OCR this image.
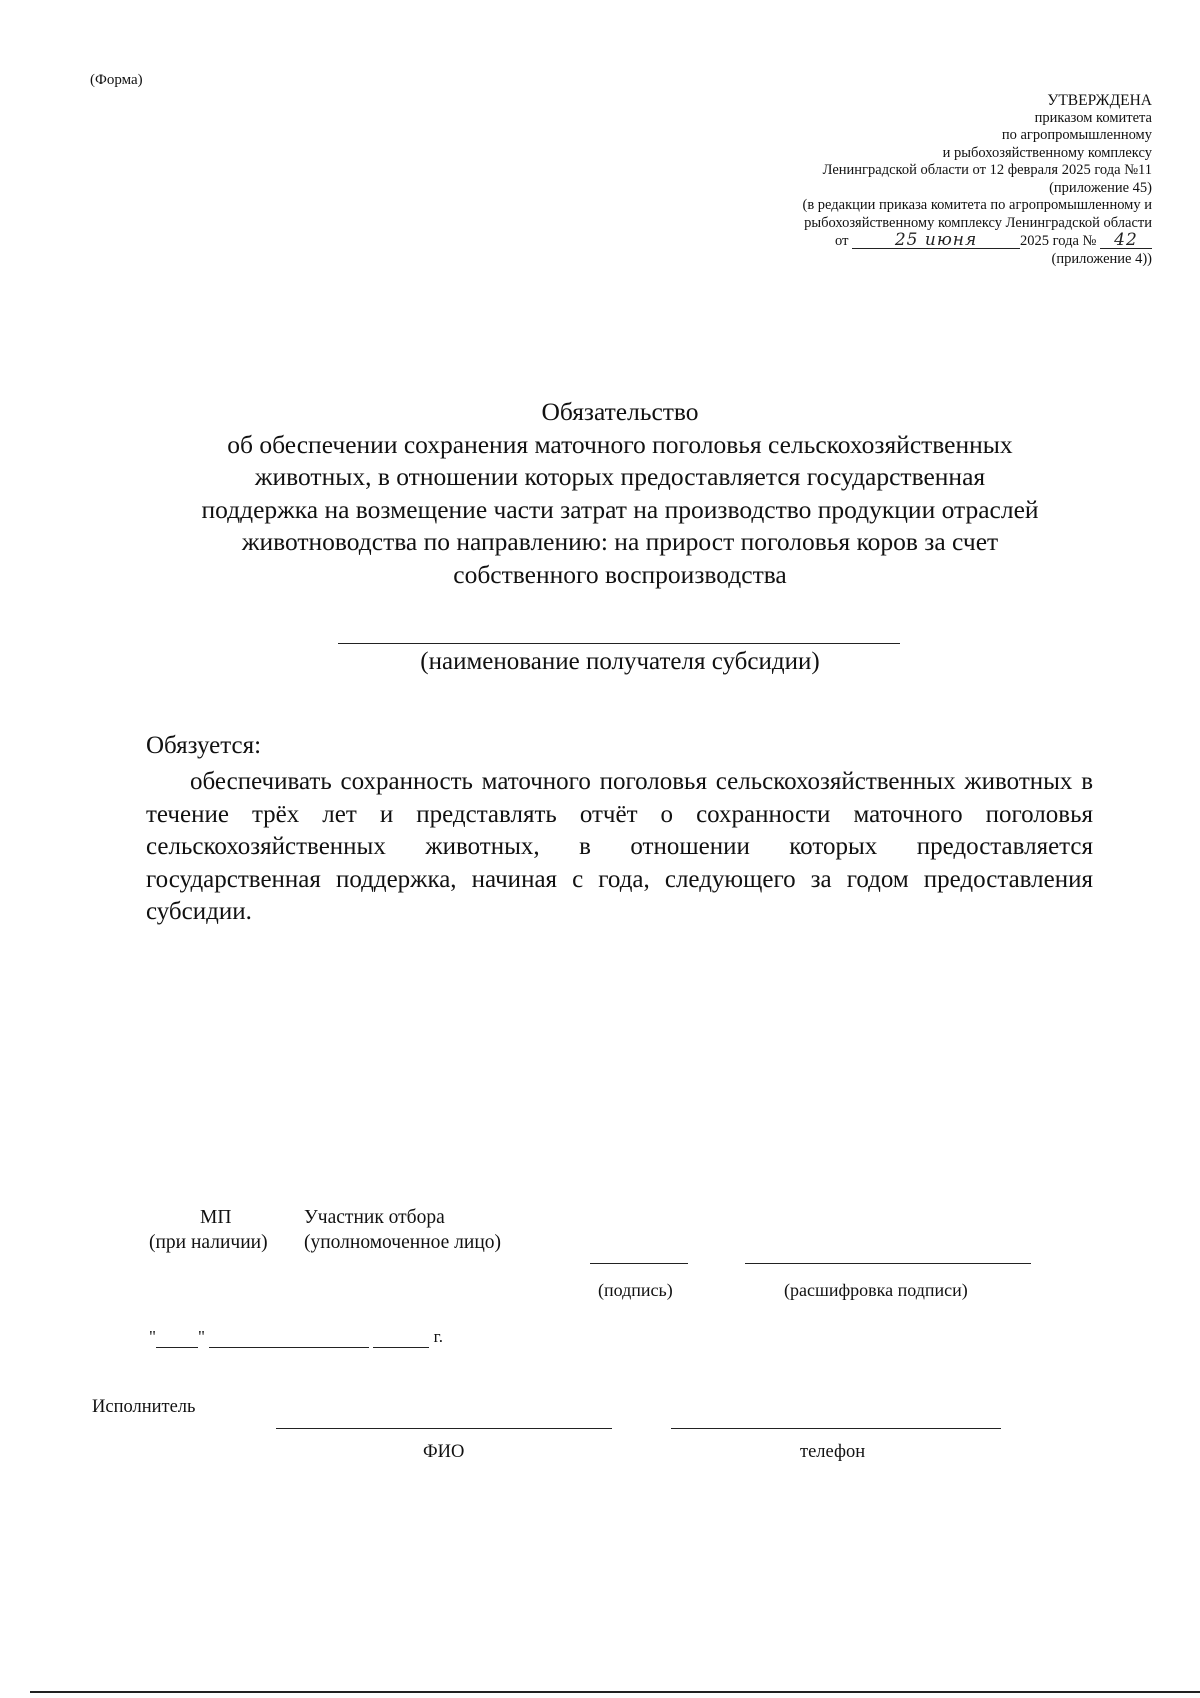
(Форма)
УТВЕРЖДЕНА
приказом комитета
по агропромышленному
и рыбохозяйственному комплексу
Ленинградской области от 12 февраля 2025 года №11
(приложение 45)
(в редакции приказа комитета по агропромышленному и
рыбохозяйственному комплексу Ленинградской области
от	25 июня	2025 года № 42
(приложение 4))
Обязательство
об обеспечении сохранения маточного поголовья сельскохозяйственных
животных, в отношении которых предоставляется государственная
поддержка на возмещение части затрат на производство продукции отраслей
животноводства по направлению: на прирост поголовья коров за счет
собственного воспроизводства
(наименование получателя субсидии)
Обязуется:
обеспечивать сохранность маточного поголовья сельскохозяйственных животных в течение трёх лет и представлять отчёт о сохранности маточного поголовья сельскохозяйственных животных, в отношении которых предоставляется государственная поддержка, начиная с года, следующего за годом предоставления субсидии.
МП
(при наличии)
Участник отбора
(уполномоченное лицо)
(подпись)	(расшифровка подписи)
" "	г.
Исполнитель
ФИО	телефон
